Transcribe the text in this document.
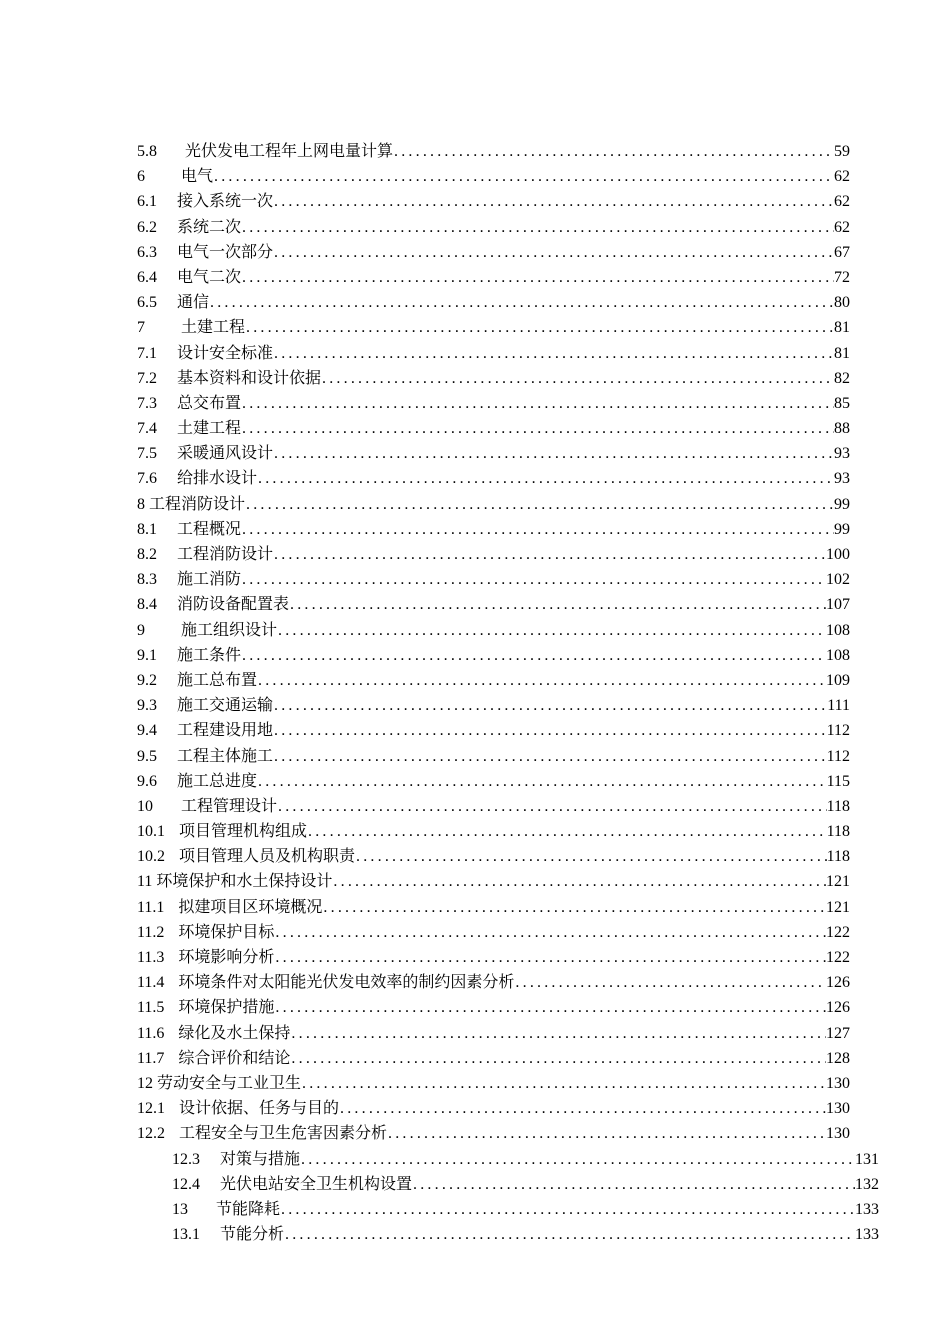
5.8 光伏发电工程年上网电量计算 .....	59
6 电气 .....	62
6.1 接入系统一次 .....	62
6.2 系统二次 .....	62
6.3 电气一次部分 .....	67
6.4 电气二次 .....	72
6.5 通信 .....	80
7 土建工程 .....	81
7.1 设计安全标准 .....	81
7.2 基本资料和设计依据 .....	82
7.3 总交布置 .....	85
7.4 土建工程 .....	88
7.5 采暖通风设计 .....	93
7.6 给排水设计 .....	93
8 工程消防设计 .....	99
8.1 工程概况 .....	99
8.2 工程消防设计 .....	100
8.3 施工消防 .....	102
8.4 消防设备配置表 .....	107
9 施工组织设计 .....	108
9.1 施工条件 .....	108
9.2 施工总布置 .....	109
9.3 施工交通运输 .....	111
9.4 工程建设用地 .....	112
9.5 工程主体施工 .....	112
9.6 施工总进度 .....	115
10 工程管理设计 .....	118
10.1 项目管理机构组成 .....	118
10.2 项目管理人员及机构职责 .....	118
11 环境保护和水土保持设计 .....	121
11.1 拟建项目区环境概况 .....	121
11.2 环境保护目标 .....	122
11.3 环境影响分析 .....	122
11.4 环境条件对太阳能光伏发电效率的制约因素分析 .....	126
11.5 环境保护措施 .....	126
11.6 绿化及水土保持 .....	127
11.7 综合评价和结论 .....	128
12 劳动安全与工业卫生 .....	130
12.1 设计依据、任务与目的 .....	130
12.2 工程安全与卫生危害因素分析 .....	130
12.3 对策与措施 .....	131
12.4 光伏电站安全卫生机构设置 .....	132
13 节能降耗 .....	133
13.1 节能分析 .....	133
